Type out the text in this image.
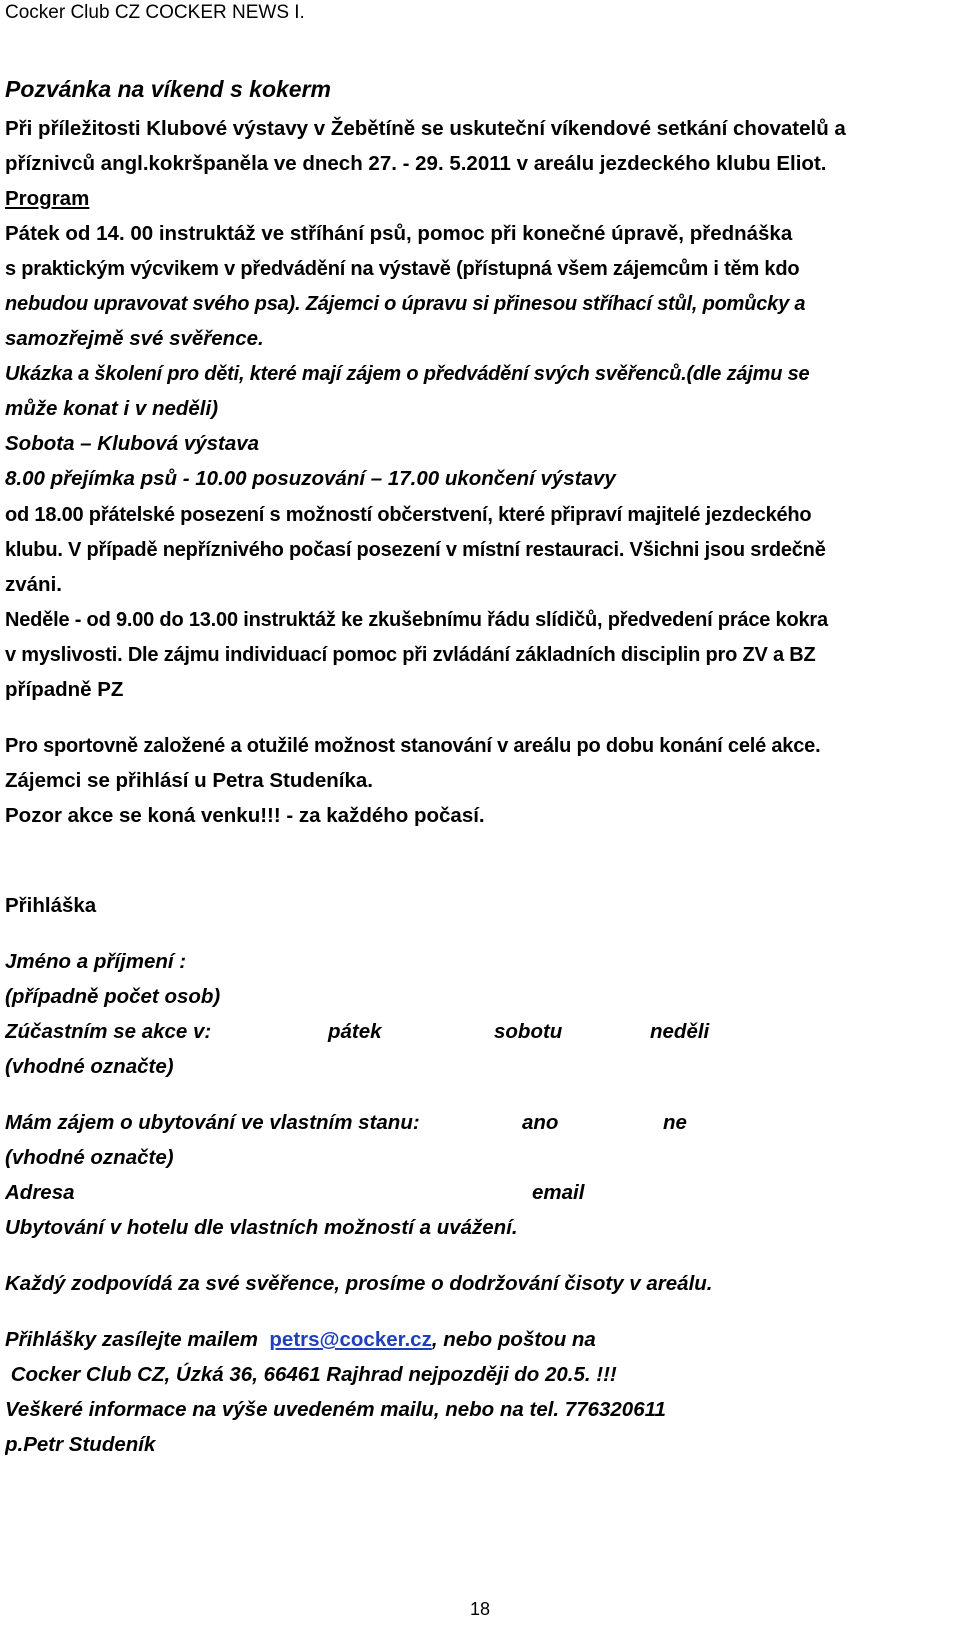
Cocker Club CZ COCKER NEWS I.
Pozvánka na víkend s kokerm
Při příležitosti Klubové výstavy v Žebětíně se uskuteční víkendové setkání chovatelů a
příznivců angl.kokršpaněla ve dnech 27. - 29. 5.2011 v areálu jezdeckého klubu Eliot.
Program
Pátek od 14. 00 instruktáž ve stříhání psů, pomoc při konečné úpravě, přednáška
s praktickým výcvikem v předvádění na výstavě (přístupná všem zájemcům i těm kdo
nebudou upravovat svého psa). Zájemci o úpravu si přinesou stříhací stůl, pomůcky a
samozřejmě své svěřence.
Ukázka a školení pro děti, které mají zájem o předvádění svých svěřenců.(dle zájmu se
může konat i v neděli)
Sobota – Klubová výstava
8.00 přejímka psů - 10.00 posuzování – 17.00 ukončení výstavy
od 18.00 přátelské posezení s možností občerstvení, které připraví majitelé jezdeckého
klubu. V případě nepříznivého počasí posezení v místní restauraci. Všichni jsou srdečně
zváni.
Neděle - od 9.00 do 13.00 instruktáž ke zkušebnímu řádu slídičů, předvedení práce kokra
v myslivosti. Dle zájmu individuací pomoc při zvládání základních disciplin pro ZV a BZ
případně PZ
Pro sportovně založené a otužilé možnost stanování v areálu po dobu konání celé akce.
Zájemci se přihlásí u Petra Studeníka.
Pozor akce se koná venku!!! - za každého počasí.
Přihláška
Jméno a příjmení :
(případně počet osob)
Zúčastním se akce v:	pátek	sobotu	neděli
(vhodné označte)
Mám zájem o ubytování ve vlastním stanu:	ano	ne
(vhodné označte)
Adresa	email
Ubytování v hotelu dle vlastních možností a uvážení.
Každý zodpovídá za své svěřence, prosíme o dodržování čisoty v areálu.
Přihlášky zasílejte mailem petrs@cocker.cz, nebo poštou na
Cocker Club CZ, Úzká 36, 66461 Rajhrad nejpozději do 20.5. !!!
Veškeré informace na výše uvedeném mailu, nebo na tel. 776320611
p.Petr Studeník
18
